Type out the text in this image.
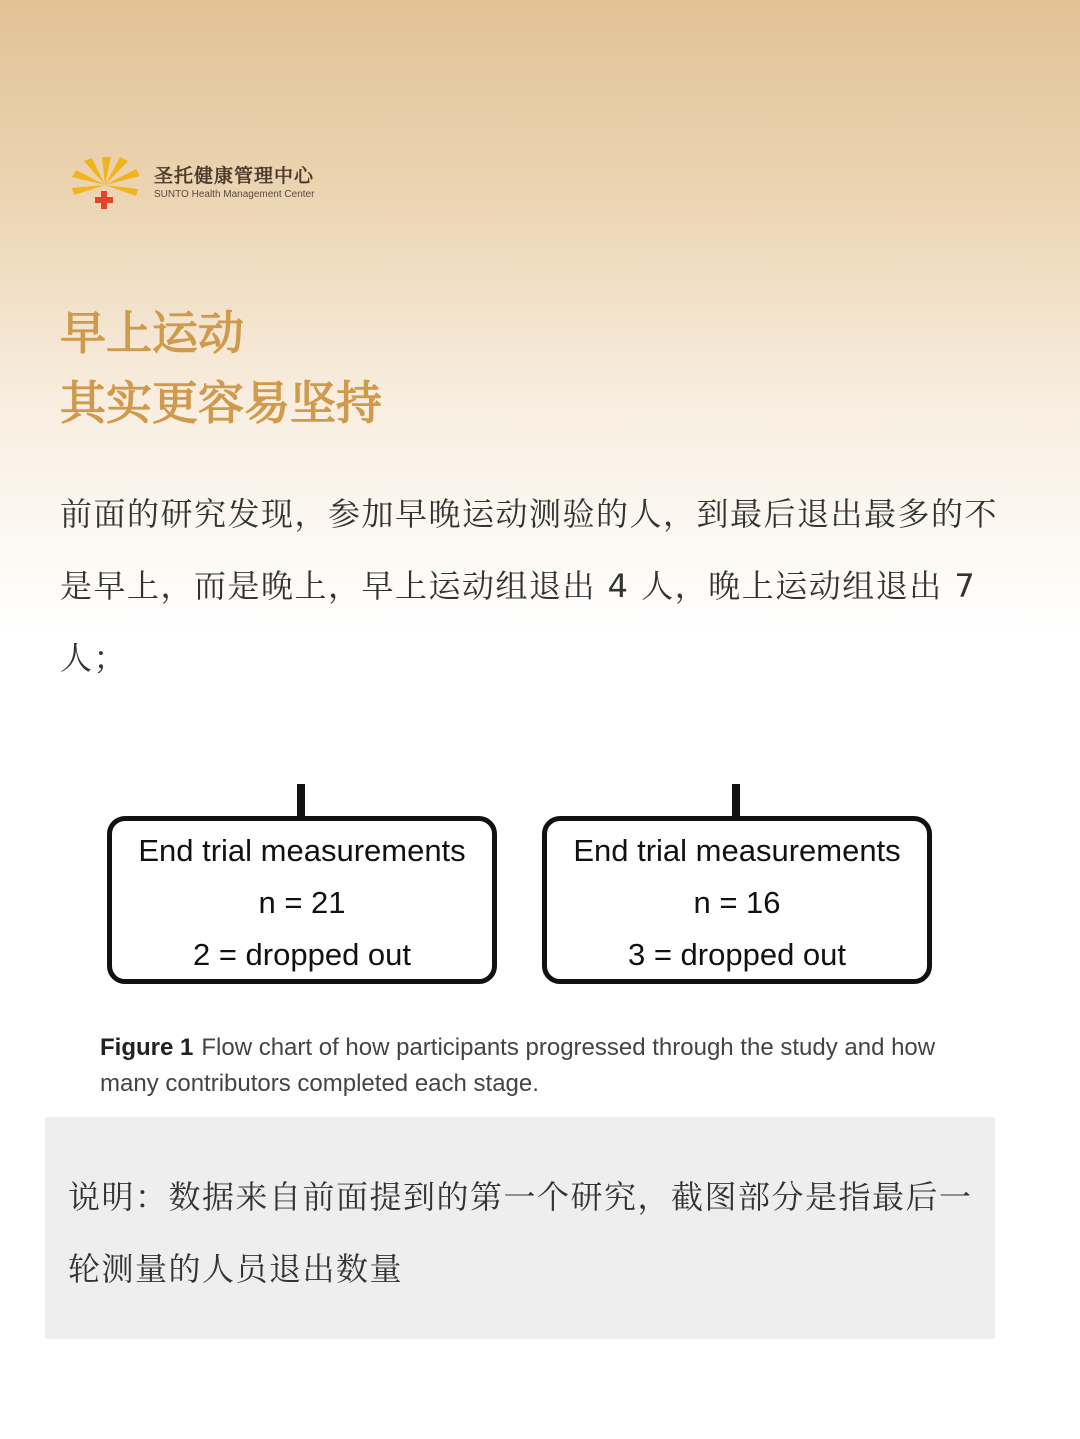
圣托健康管理中心
SUNTO Health Management Center
早上运动
其实更容易坚持

前面的研究发现，参加早晚运动测验的人，到最后退出最多的不是早上，而是晚上，早上运动组退出 4 人，晚上运动组退出 7 人；

End trial measurements
n = 21
2 = dropped out
End trial measurements
n = 16
3 = dropped out
Figure 1 Flow chart of how participants progressed through the study and how many contributors completed each stage.

说明：数据来自前面提到的第一个研究，截图部分是指最后一轮测量的人员退出数量
